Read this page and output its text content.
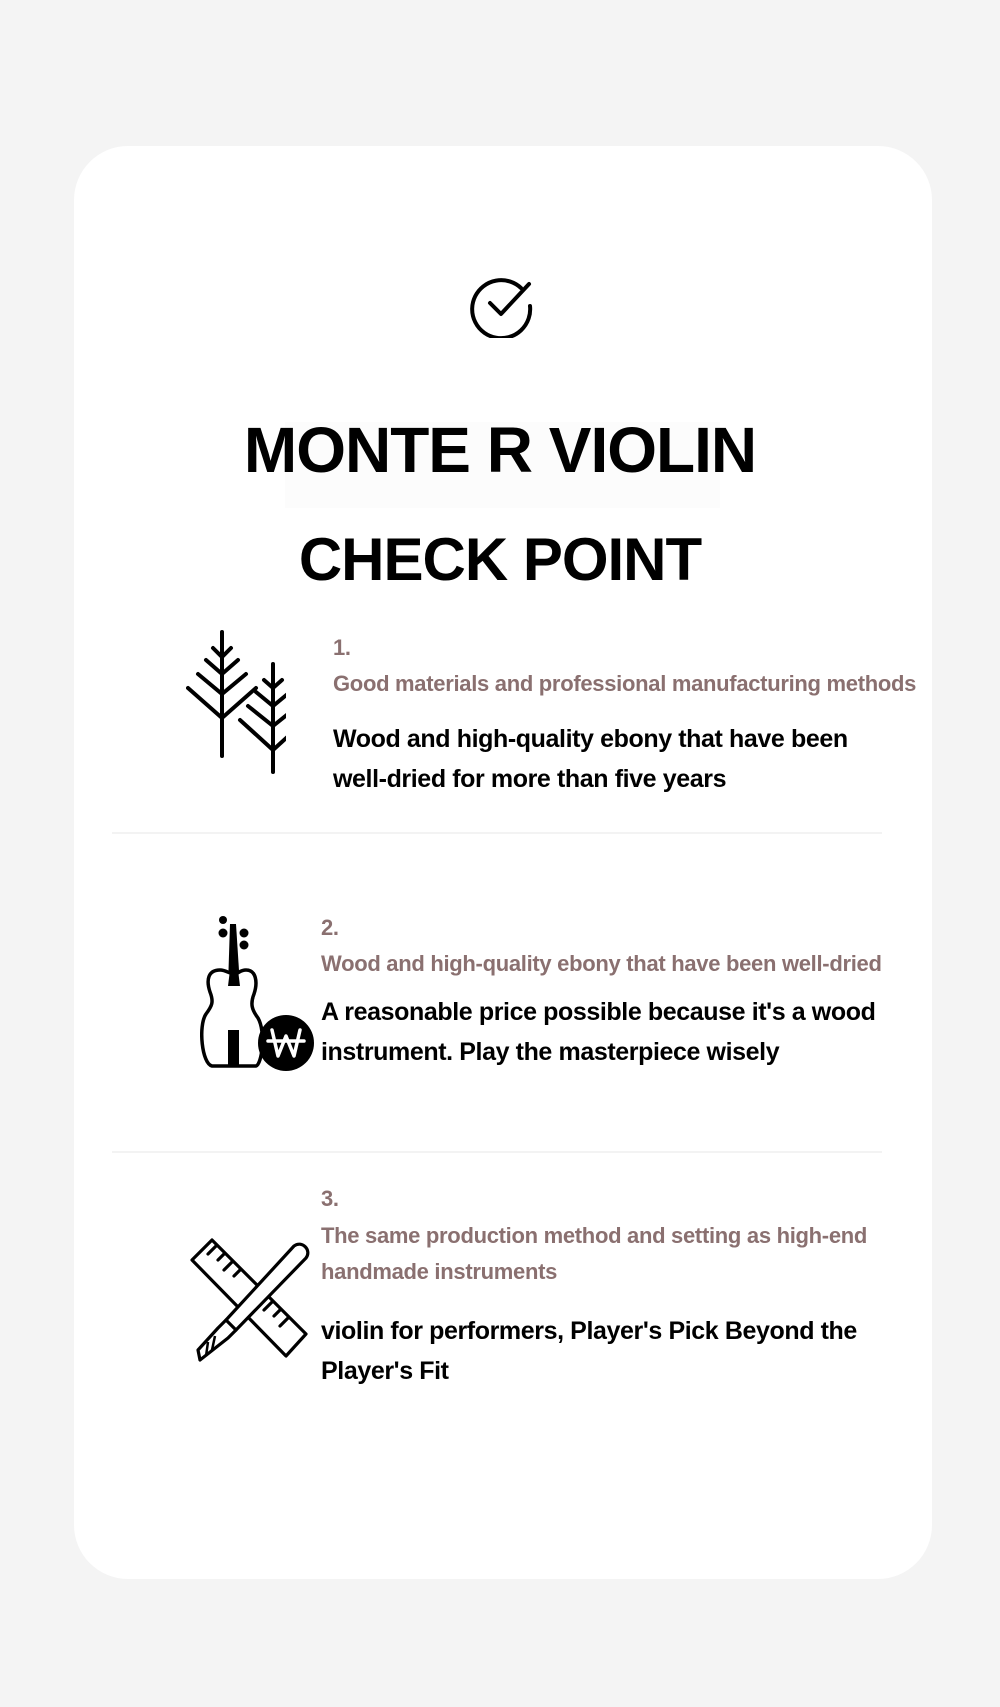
MONTE R VIOLIN
CHECK POINT

1.

Good materials and professional manufacturing methods

Wood and high-quality ebony that have been

well-dried for more than five years

2.

Wood and high-quality ebony that have been well-dried

A reasonable price possible because it's a wood

instrument. Play the masterpiece wisely

3.

The same production method and setting as high-end

handmade instruments

violin for performers, Player's Pick Beyond the

Player's Fit
